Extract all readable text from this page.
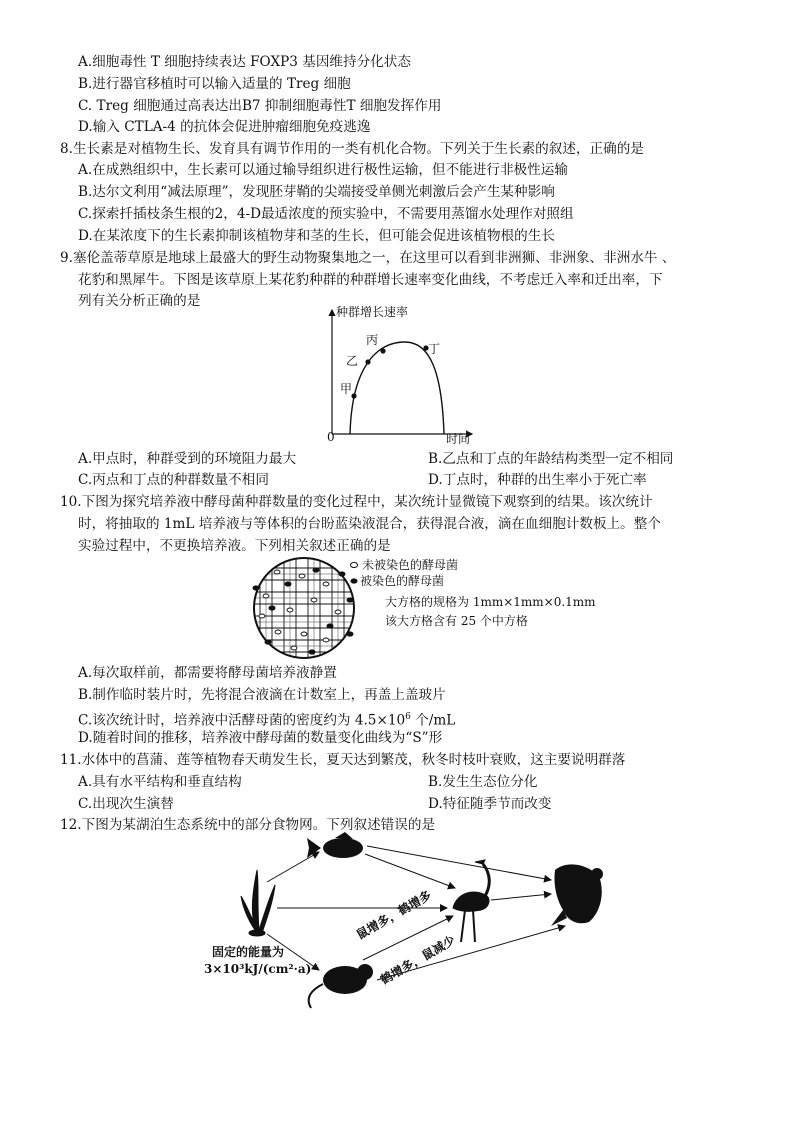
A.细胞毒性 T 细胞持续表达 FOXP3 基因维持分化状态
B.进行器官移植时可以输入适量的 Treg 细胞
C. Treg 细胞通过高表达出B7 抑制细胞毒性T 细胞发挥作用
D.输入 CTLA-4 的抗体会促进肿瘤细胞免疫逃逸
8.生长素是对植物生长、发育具有调节作用的一类有机化合物。下列关于生长素的叙述，正确的是
A.在成熟组织中，生长素可以通过输导组织进行极性运输，但不能进行非极性运输
B.达尔文利用“减法原理”，发现胚芽鞘的尖端接受单侧光刺激后会产生某种影响
C.探索扦插枝条生根的2，4-D最适浓度的预实验中，不需要用蒸馏水处理作对照组
D.在某浓度下的生长素抑制该植物芽和茎的生长，但可能会促进该植物根的生长
9.塞伦盖蒂草原是地球上最盛大的野生动物聚集地之一，在这里可以看到非洲狮、非洲象、非洲水牛 、
花豹和黑犀牛。下图是该草原上某花豹种群的种群增长速率变化曲线，不考虑迁入率和迁出率，下
列有关分析正确的是
种群增长速率
时间
0
甲
乙
丙
丁
A.甲点时，种群受到的环境阻力最大	B.乙点和丁点的年龄结构类型一定不相同
C.丙点和丁点的种群数量不相同	D.丁点时，种群的出生率小于死亡率
10.下图为探究培养液中酵母菌种群数量的变化过程中，某次统计显微镜下观察到的结果。该次统计
时，将抽取的 1mL 培养液与等体积的台盼蓝染液混合，获得混合液，滴在血细胞计数板上。整个
实验过程中，不更换培养液。下列相关叙述正确的是
未被染色的酵母菌
被染色的酵母菌
大方格的规格为 1mm×1mm×0.1mm
该大方格含有 25 个中方格
A.每次取样前，都需要将酵母菌培养液静置
B.制作临时装片时，先将混合液滴在计数室上，再盖上盖玻片
C.该次统计时，培养液中活酵母菌的密度约为 $4.5\times 10^6$ 个/mL
D.随着时间的推移，培养液中酵母菌的数量变化曲线为“S”形
11.水体中的菖蒲、莲等植物春天萌发生长，夏天达到繁茂，秋冬时枝叶衰败，这主要说明群落
A.具有水平结构和垂直结构	B.发生生态位分化
C.出现次生演替	D.特征随季节而改变
12.下图为某湖泊生态系统中的部分食物网。下列叙述错误的是
固定的能量为
3×10³kJ/(cm²·a)
鼠增多，鹤增多
鹤增多，鼠减少
